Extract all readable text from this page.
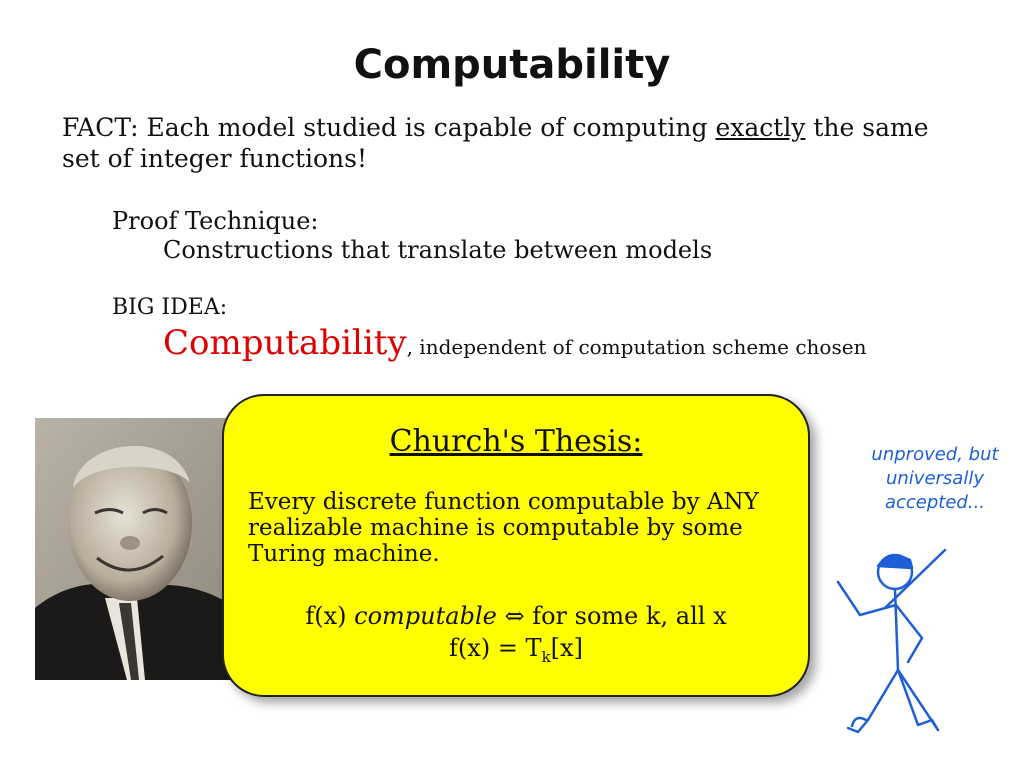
Computability
FACT: Each model studied is capable of computing exactly the same set of integer functions!
Proof Technique:
Constructions that translate between models
BIG IDEA:
Computability, independent of computation scheme chosen
Church's Thesis:
Every discrete function computable by ANY realizable machine is computable by some Turing machine.
f(x) computable ⇔ for some k, all x
$f(x) = T_k[x]$
unproved, but
universally
accepted...
